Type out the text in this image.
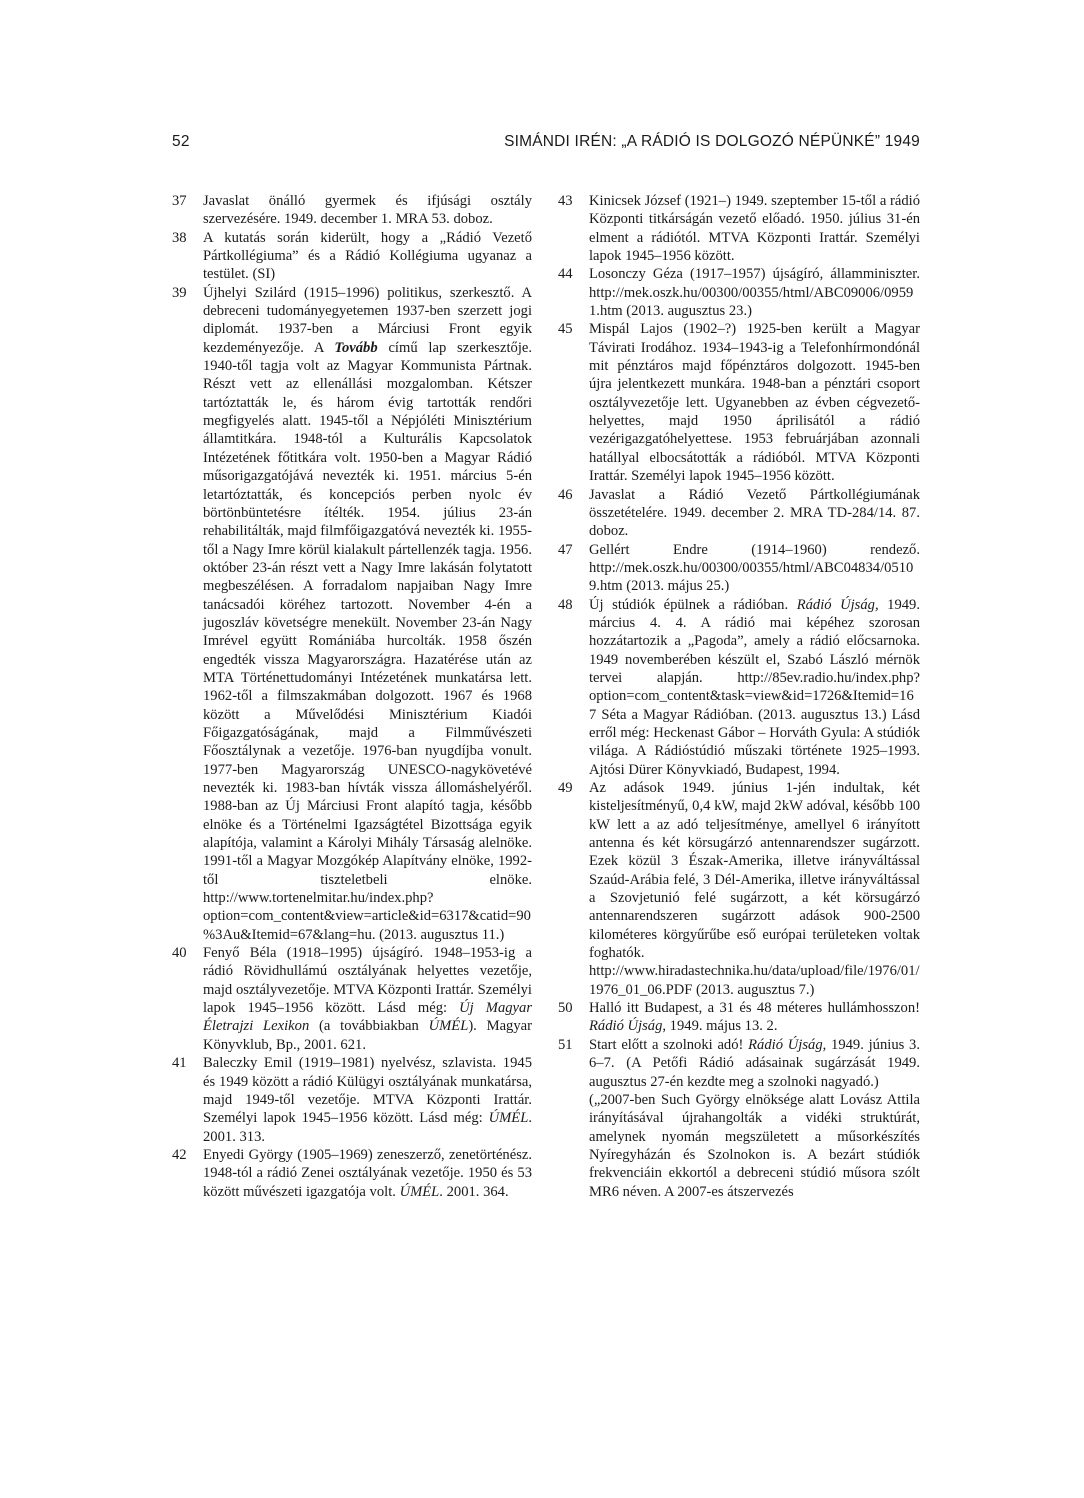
52	SIMÁNDI IRÉN: „A RÁDIÓ IS DOLGOZÓ NÉPÜNKÉ” 1949
37 Javaslat önálló gyermek és ifjúsági osztály szervezésére. 1949. december 1. MRA 53. doboz.
38 A kutatás során kiderült, hogy a „Rádió Vezető Pártkollégiuma” és a Rádió Kollégiuma ugyanaz a testület. (SI)
39 Újhelyi Szilárd (1915–1996) politikus, szerkesztő. A debreceni tudományegyetemen 1937-ben szerzett jogi diplomát. 1937-ben a Márciusi Front egyik kezdeményezője. A Tovább című lap szerkesztője. 1940-től tagja volt az Magyar Kommunista Pártnak. Részt vett az ellenállási mozgalomban. Kétszer tartóztatták le, és három évig tartották rendőri megfigyelés alatt. 1945-től a Népjóléti Minisztérium államtitkára. 1948-tól a Kulturális Kapcsolatok Intézetének főtitkára volt. 1950-ben a Magyar Rádió műsorigazgatójává nevezték ki. 1951. március 5-én letartóztatták, és koncepciós perben nyolc év börtönbüntetésre ítélték. 1954. július 23-án rehabilitálták, majd filmfőigazgatóvá nevezték ki. 1955-től a Nagy Imre körül kialakult pártellenzék tagja. 1956. október 23-án részt vett a Nagy Imre lakásán folytatott megbeszélésen. A forradalom napjaiban Nagy Imre tanácsadói köréhez tartozott. November 4-én a jugoszláv követségre menekült. November 23-án Nagy Imrével együtt Romániába hurcolták. 1958 őszén engedték vissza Magyarországra. Hazatérése után az MTA Történettudományi Intézetének munkatársa lett. 1962-től a filmszakmában dolgozott. 1967 és 1968 között a Művelődési Minisztérium Kiadói Főigazgatóságának, majd a Filmművészeti Főosztálynak a vezetője. 1976-ban nyugdíjba vonult. 1977-ben Magyarország UNESCO-nagykövetévé nevezték ki. 1983-ban hívták vissza állomáshelyéről. 1988-ban az Új Márciusi Front alapító tagja, később elnöke és a Történelmi Igazságtétel Bizottsága egyik alapítója, valamint a Károlyi Mihály Társaság alelnöke. 1991-től a Magyar Mozgókép Alapítvány elnöke, 1992-től tiszteletbeli elnöke. http://www.tortenelmitar.hu/index.php?option=com_content&view=article&id=6317&catid=90%3Au&Itemid=67&lang=hu. (2013. augusztus 11.)
40 Fenyő Béla (1918–1995) újságíró. 1948–1953-ig a rádió Rövidhullámú osztályának helyettes vezetője, majd osztályvezetője. MTVA Központi Irattár. Személyi lapok 1945–1956 között. Lásd még: Új Magyar Életrajzi Lexikon (a továbbiakban ÚMÉL). Magyar Könyvklub, Bp., 2001. 621.
41 Baleczky Emil (1919–1981) nyelvész, szlavista. 1945 és 1949 között a rádió Külügyi osztályának munkatársa, majd 1949-től vezetője. MTVA Központi Irattár. Személyi lapok 1945–1956 között. Lásd még: ÚMÉL. 2001. 313.
42 Enyedi György (1905–1969) zeneszerző, zenetörténész. 1948-tól a rádió Zenei osztályának vezetője. 1950 és 53 között művészeti igazgatója volt. ÚMÉL. 2001. 364.
43 Kinicsek József (1921–) 1949. szeptember 15-től a rádió Központi titkárságán vezető előadó. 1950. július 31-én elment a rádiótól. MTVA Központi Irattár. Személyi lapok 1945–1956 között.
44 Losonczy Géza (1917–1957) újságíró, államminiszter. http://mek.oszk.hu/00300/00355/html/ABC09006/09591.htm (2013. augusztus 23.)
45 Mispál Lajos (1902–?) 1925-ben került a Magyar Távirati Irodához. 1934–1943-ig a Telefonhírmondónál mit pénztáros majd főpénztáros dolgozott. 1945-ben újra jelentkezett munkára. 1948-ban a pénztári csoport osztályvezetője lett. Ugyanebben az évben cégvezető-helyettes, majd 1950 áprilisától a rádió vezérigazgatóhelyettese. 1953 februárjában azonnali hatállyal elbocsátották a rádióból. MTVA Központi Irattár. Személyi lapok 1945–1956 között.
46 Javaslat a Rádió Vezető Pártkollégiumának összetételére. 1949. december 2. MRA TD-284/14. 87. doboz.
47 Gellért Endre (1914–1960) rendező. http://mek.oszk.hu/00300/00355/html/ABC04834/05109.htm (2013. május 25.)
48 Új stúdiók épülnek a rádióban. Rádió Újság, 1949. március 4. 4. A rádió mai képéhez szorosan hozzátartozik a „Pagoda”, amely a rádió előcsarnoka. 1949 novemberében készült el, Szabó László mérnök tervei alapján. http://85ev.radio.hu/index.php?option=com_content&task=view&id=1726&Itemid=167 Séta a Magyar Rádióban. (2013. augusztus 13.) Lásd erről még: Heckenast Gábor – Horváth Gyula: A stúdiók világa. A Rádióstúdió műszaki története 1925–1993. Ajtósi Dürer Könyvkiadó, Budapest, 1994.
49 Az adások 1949. június 1-jén indultak, két kisteljesítményű, 0,4 kW, majd 2kW adóval, később 100 kW lett a az adó teljesítménye, amellyel 6 irányított antenna és két körsugárzó antennarendszer sugárzott. Ezek közül 3 Észak-Amerika, illetve irányváltással Szaúd-Arábia felé, 3 Dél-Amerika, illetve irányváltással a Szovjetunió felé sugárzott, a két körsugárzó antennarendszeren sugárzott adások 900-2500 kilométeres körgyűrűbe eső európai területeken voltak foghatók. http://www.hiradastechnika.hu/data/upload/file/1976/01/1976_01_06.PDF (2013. augusztus 7.)
50 Halló itt Budapest, a 31 és 48 méteres hullámhosszon! Rádió Újság, 1949. május 13. 2.
51 Start előtt a szolnoki adó! Rádió Újság, 1949. június 3. 6–7. (A Petőfi Rádió adásainak sugárzását 1949. augusztus 27-én kezdte meg a szolnoki nagyadó.)
(„2007-ben Such György elnöksége alatt Lovász Attila irányításával újrahangolták a vidéki struktúrát, amelynek nyomán megszületett a műsorkészítés Nyíregyházán és Szolnokon is. A bezárt stúdiók frekvenciáin ekkortól a debreceni stúdió műsora szólt MR6 néven. A 2007-es átszervezés
